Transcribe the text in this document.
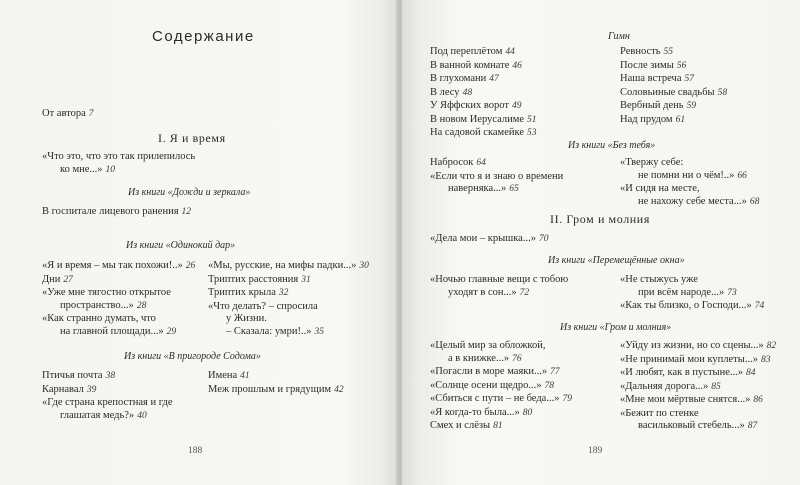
Содержание
От автора 7
I. Я и время
«Что это, что это так прилепилось
ко мне...» 10
Из книги «Дожди и зеркала»
В госпитале лицевого ранения 12
Из книги «Одинокий дар»
«Я и время – мы так похожи!..» 26
Дни 27
«Уже мне тягостно открытое
пространство...» 28
«Как странно думать, что
на главной площади...» 29
«Мы, русские, на мифы падки...» 30
Триптих расстояния 31
Триптих крыла 32
«Что делать? – спросила
у Жизни.
– Сказала: умри!..» 35
Из книги «В пригороде Содома»
Птичья почта 38
Карнавал 39
«Где страна крепостная и где
глашатая медь?» 40
Имена 41
Меж прошлым и грядущим 42
188
Гимн
Под переплётом 44
В ванной комнате 46
В глухомани 47
В лесу 48
У Яффских ворот 49
В новом Иерусалиме 51
На садовой скамейке 53
Ревность 55
После зимы 56
Наша встреча 57
Соловьиные свадьбы 58
Вербный день 59
Над прудом 61
Из книги «Без тебя»
Набросок 64
«Если что я и знаю о времени
наверняка...» 65
«Твержу себе:
не помни ни о чём!..» 66
«И сидя на месте,
не нахожу себе места...» 68
II. Гром и молния
«Дела мои – крышка...» 70
Из книги «Перемещённые окна»
«Ночью главные вещи с тобою
уходят в сон...» 72
«Не стыжусь уже
при всём народе...» 73
«Как ты близко, о Господи...» 74
Из книги «Гром и молния»
«Целый мир за обложкой,
а в книжке...» 76
«Погасли в море маяки...» 77
«Солнце осени щедро...» 78
«Сбиться с пути – не беда...» 79
«Я когда-то была...» 80
Смех и слёзы 81
«Уйду из жизни, но со сцены...» 82
«Не принимай мои куплеты...» 83
«И любят, как в пустыне...» 84
«Дальняя дорога...» 85
«Мне мои мёртвые снятся...» 86
«Бежит по стенке
васильковый стебель...» 87
189
